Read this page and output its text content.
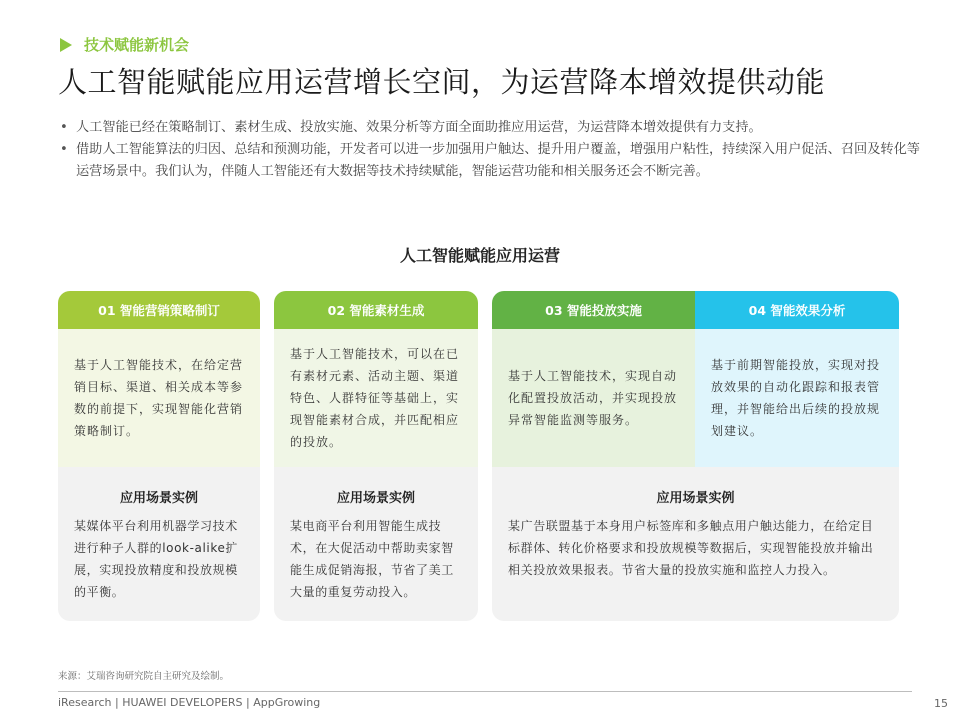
技术赋能新机会
人工智能赋能应用运营增长空间，为运营降本增效提供动能
• 人工智能已经在策略制订、素材生成、投放实施、效果分析等方面全面助推应用运营，为运营降本增效提供有力支持。
• 借助人工智能算法的归因、总结和预测功能，开发者可以进一步加强用户触达、提升用户覆盖，增强用户粘性，持续深入用户促活、召回及转化等运营场景中。我们认为，伴随人工智能还有大数据等技术持续赋能，智能运营功能和相关服务还会不断完善。
人工智能赋能应用运营
01 智能营销策略制订
基于人工智能技术，在给定营销目标、渠道、相关成本等参数的前提下，实现智能化营销策略制订。
应用场景实例
某媒体平台利用机器学习技术进行种子人群的look-alike扩展，实现投放精度和投放规模的平衡。
02 智能素材生成
基于人工智能技术，可以在已有素材元素、活动主题、渠道特色、人群特征等基础上，实现智能素材合成，并匹配相应的投放。
应用场景实例
某电商平台利用智能生成技术，在大促活动中帮助卖家智能生成促销海报，节省了美工大量的重复劳动投入。
03 智能投放实施
基于人工智能技术，实现自动化配置投放活动，并实现投放异常智能监测等服务。
04 智能效果分析
基于前期智能投放，实现对投放效果的自动化跟踪和报表管理，并智能给出后续的投放规划建议。
应用场景实例
某广告联盟基于本身用户标签库和多触点用户触达能力，在给定目标群体、转化价格要求和投放规模等数据后，实现智能投放并输出相关投放效果报表。节省大量的投放实施和监控人力投入。
来源：艾瑞咨询研究院自主研究及绘制。
iResearch | HUAWEI DEVELOPERS | AppGrowing	15
